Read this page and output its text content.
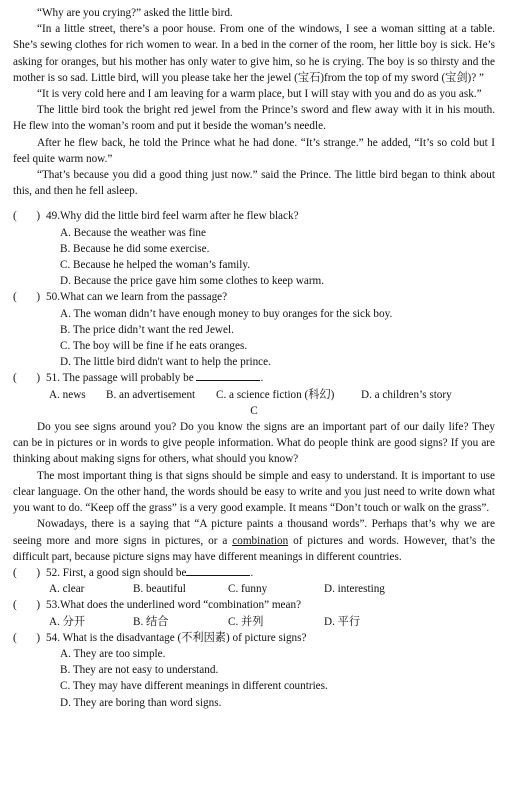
“Why are you crying?” asked the little bird.

“In a little street, there’s a poor house. From one of the windows, I see a woman sitting at a table. She’s sewing clothes for rich women to wear. In a bed in the corner of the room, her little boy is sick. He’s asking for oranges, but his mother has only water to give him, so he is crying. The boy is so thirsty and the mother is so sad. Little bird, will you please take her the jewel (宝石)from the top of my sword (宝剑)? ”

“It is very cold here and I am leaving for a warm place, but I will stay with you and do as you ask.”

The little bird took the bright red jewel from the Prince’s sword and flew away with it in his mouth. He flew into the woman’s room and put it beside the woman’s needle.

After he flew back, he told the Prince what he had done. “It’s strange.” he added, “It’s so cold but I feel quite warm now.”

“That’s because you did a good thing just now.” said the Prince. The little bird began to think about this, and then he fell asleep.

( ) 49.Why did the little bird feel warm after he flew black?

A. Because the weather was fine

B. Because he did some exercise.

C. Because he helped the woman’s family.

D. Because the price gave him some clothes to keep warm.

( ) 50.What can we learn from the passage?

A. The woman didn’t have enough money to buy oranges for the sick boy.

B. The price didn’t want the red Jewel.

C. The boy will be fine if he eats oranges.

D. The little bird didn't want to help the prince.

( ) 51. The passage will probably be	.
A. news	B. an advertisement	C. a science fiction (科幻)	D. a children’s story

C

Do you see signs around you? Do you know the signs are an important part of our daily life? They can be in pictures or in words to give people information. What do people think are good signs? If you are thinking about making signs for others, what should you know?

The most important thing is that signs should be simple and easy to understand. It is important to use clear language. On the other hand, the words should be easy to write and you just need to write down what you want to do. “Keep off the grass” is a very good example. It means “Don’t touch or walk on the grass”.

Nowadays, there is a saying that “A picture paints a thousand words”. Perhaps that’s why we are seeing more and more signs in pictures, or a combination of pictures and words. However, that’s the difficult part, because picture signs may have different meanings in different countries.

( ) 52. First, a good sign should be	.
A. clear	B. beautiful	C. funny	D. interesting
( ) 53.What does the underlined word “combination” mean?
A. 分开	B. 结合	C. 并列	D. 平行
( ) 54. What is the disadvantage (不利因素) of picture signs?

A. They are too simple.

B. They are not easy to understand.

C. They may have different meanings in different countries.

D. They are boring than word signs.
